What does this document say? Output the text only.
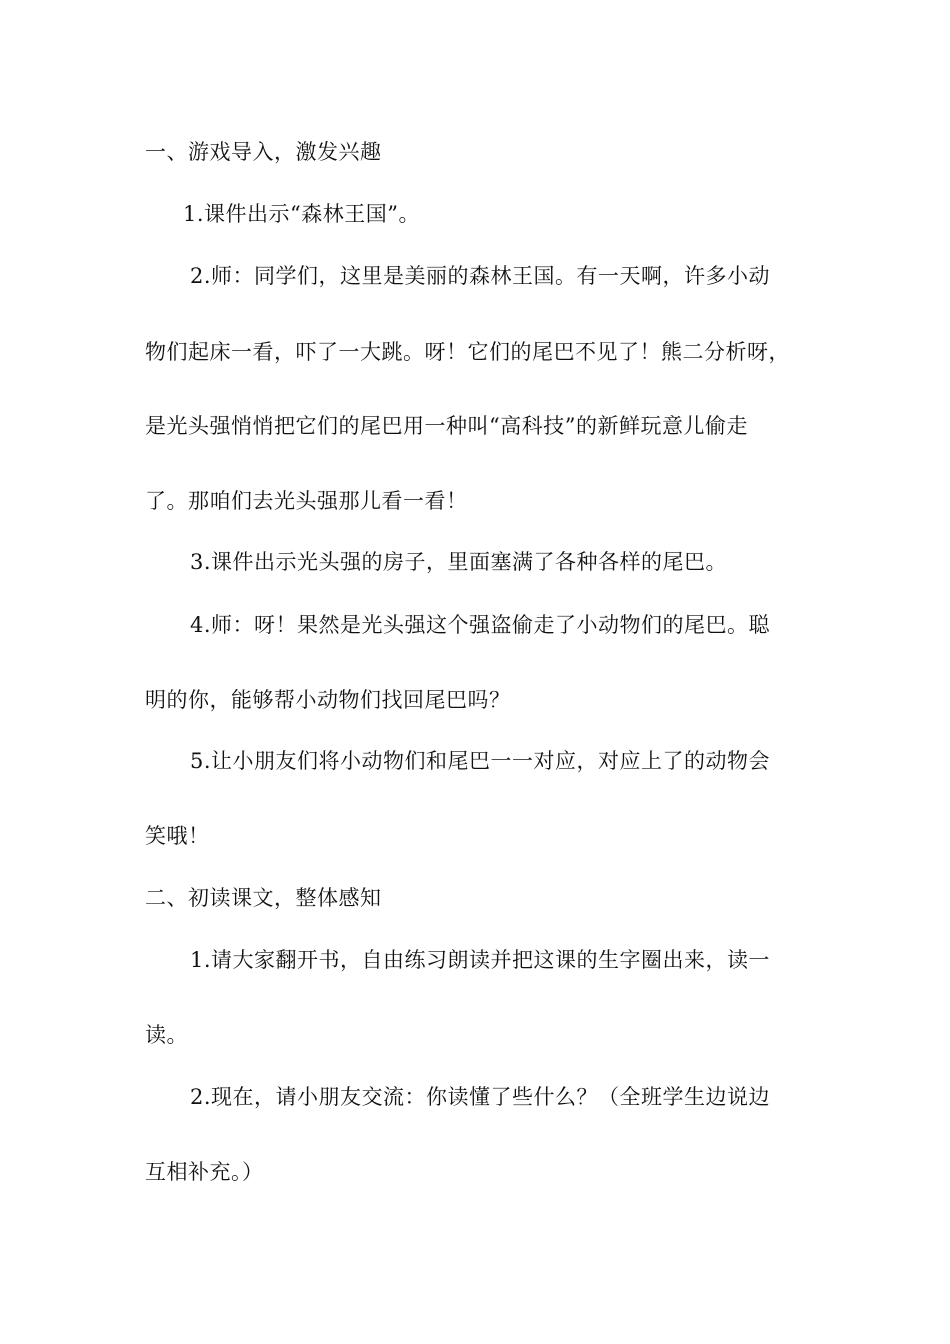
一、游戏导入，激发兴趣
1.课件出示“森林王国”。
2.师：同学们，这里是美丽的森林王国。有一天啊，许多小动
物们起床一看，吓了一大跳。呀！它们的尾巴不见了！熊二分析呀，
是光头强悄悄把它们的尾巴用一种叫“高科技”的新鲜玩意儿偷走
了。那咱们去光头强那儿看一看！
3.课件出示光头强的房子，里面塞满了各种各样的尾巴。
4.师：呀！果然是光头强这个强盗偷走了小动物们的尾巴。聪
明的你，能够帮小动物们找回尾巴吗？
5.让小朋友们将小动物们和尾巴一一对应，对应上了的动物会
笑哦！
二、初读课文，整体感知
1.请大家翻开书，自由练习朗读并把这课的生字圈出来，读一
读。
2.现在，请小朋友交流：你读懂了些什么？（全班学生边说边
互相补充。）
